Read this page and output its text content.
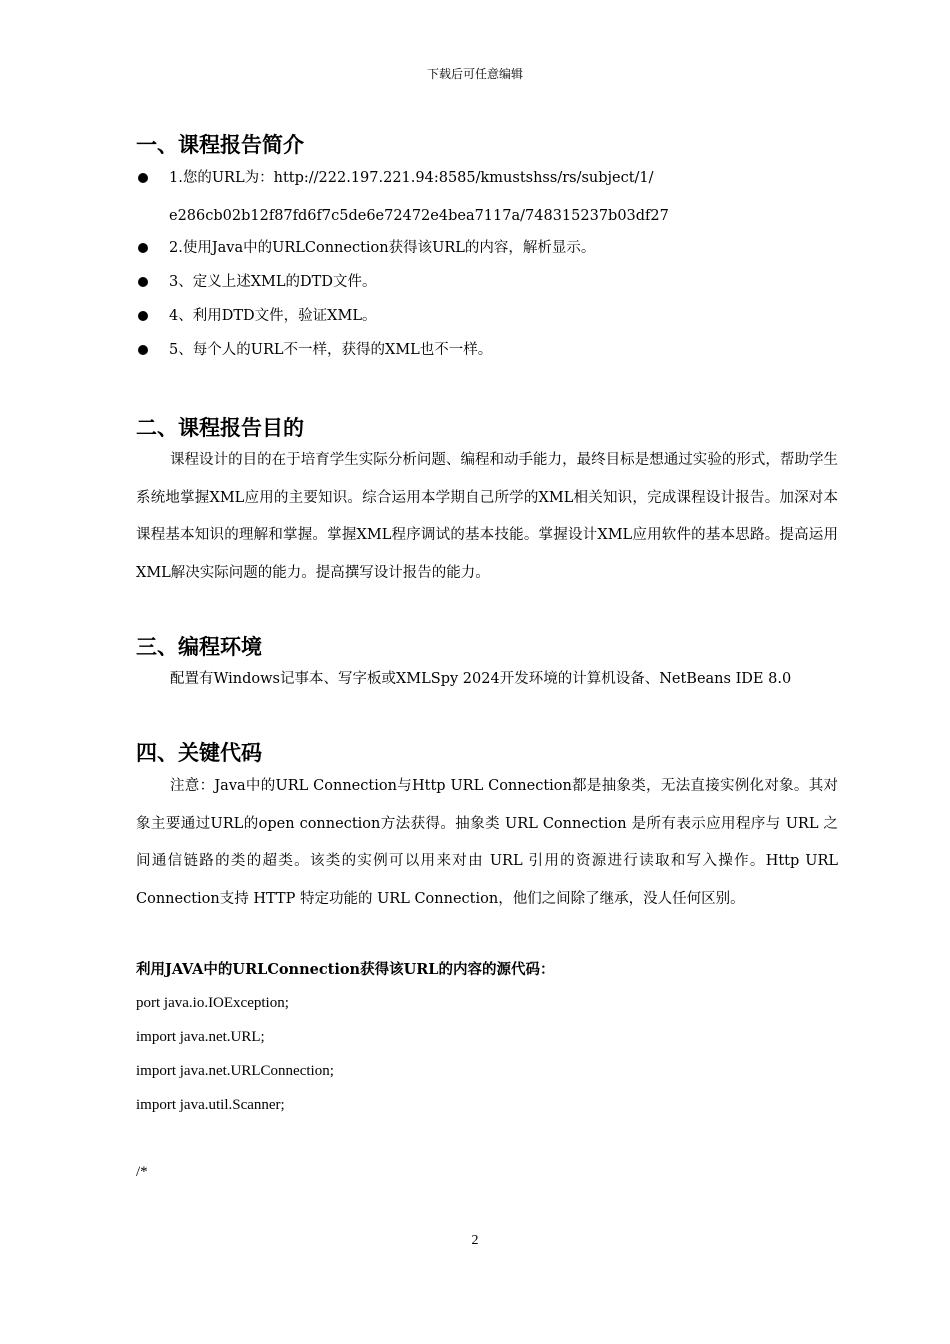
下载后可任意编辑
一、课程报告简介
1.您的URL为：http://222.197.221.94:8585/kmustshss/rs/subject/1/
e286cb02b12f87fd6f7c5de6e72472e4bea7117a/748315237b03df27
2.使用Java中的URLConnection获得该URL的内容，解析显示。
3、定义上述XML的DTD文件。
4、利用DTD文件，验证XML。
5、每个人的URL不一样，获得的XML也不一样。
二、课程报告目的
课程设计的目的在于培育学生实际分析问题、编程和动手能力，最终目标是想通过实验的形式，帮助学生系统地掌握XML应用的主要知识。综合运用本学期自己所学的XML相关知识，完成课程设计报告。加深对本课程基本知识的理解和掌握。掌握XML程序调试的基本技能。掌握设计XML应用软件的基本思路。提高运用XML解决实际问题的能力。提高撰写设计报告的能力。
三、编程环境
配置有Windows记事本、写字板或XMLSpy 2024开发环境的计算机设备、NetBeans IDE 8.0
四、关键代码
注意：Java中的URL Connection与Http URL Connection都是抽象类，无法直接实例化对象。其对象主要通过URL的open connection方法获得。抽象类 URL Connection 是所有表示应用程序与 URL 之间通信链路的类的超类。该类的实例可以用来对由 URL 引用的资源进行读取和写入操作。Http URL Connection支持 HTTP 特定功能的 URL Connection，他们之间除了继承，没人任何区别。
利用JAVA中的URLConnection获得该URL的内容的源代码：
port java.io.IOException;
import java.net.URL;
import java.net.URLConnection;
import java.util.Scanner;
/*
2
